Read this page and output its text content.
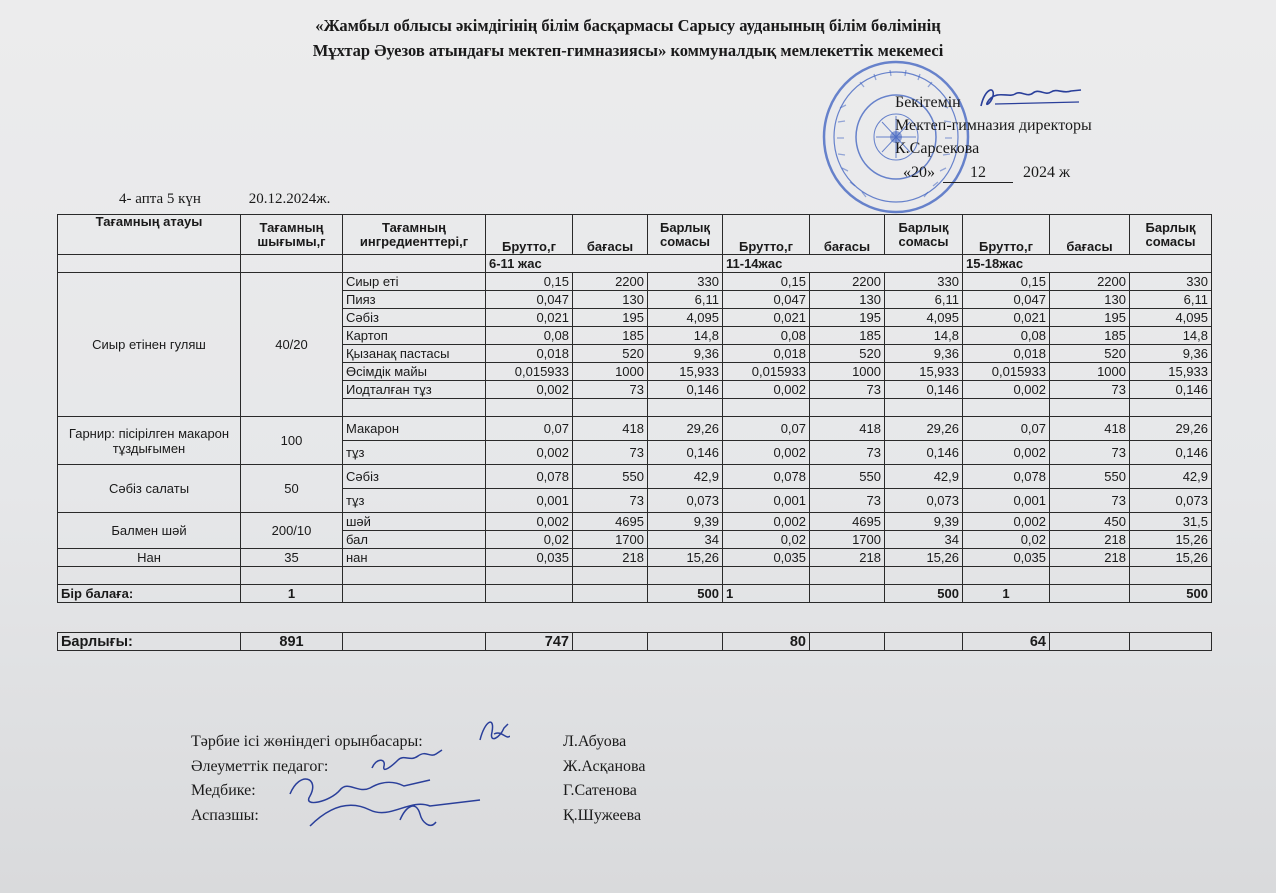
«Жамбыл облысы әкімдігінің білім басқармасы Сарысу ауданының білім бөлімінің
Мұхтар Әуезов атындағы мектеп-гимназиясы» коммуналдық мемлекеттік мекемесі
Бекітемін
Мектеп-гимназия директоры
К.Сарсекова
«20» 12 2024 ж
4- апта 5 күн	20.12.2024ж.
Тағамның атауы	Тағамның шығымы,г	Тағамның ингредиенттері,г	Брутто,г	бағасы	Барлық сомасы	Брутто,г	бағасы	Барлық сомасы	Брутто,г	бағасы	Барлық сомасы
			6-11 жас			11-14жас			15-18жас		
Сиыр етінен гуляш	40/20	Сиыр еті	0,15	2200	330	0,15	2200	330	0,15	2200	330
		Пияз	0,047	130	6,11	0,047	130	6,11	0,047	130	6,11
		Сәбіз	0,021	195	4,095	0,021	195	4,095	0,021	195	4,095
		Картоп	0,08	185	14,8	0,08	185	14,8	0,08	185	14,8
		Қызанақ пастасы	0,018	520	9,36	0,018	520	9,36	0,018	520	9,36
		Өсімдік майы	0,015933	1000	15,933	0,015933	1000	15,933	0,015933	1000	15,933
		Иодталған тұз	0,002	73	0,146	0,002	73	0,146	0,002	73	0,146

Гарнир: пісірілген макарон тұздығымен	100	Макарон	0,07	418	29,26	0,07	418	29,26	0,07	418	29,26
		тұз	0,002	73	0,146	0,002	73	0,146	0,002	73	0,146
Сәбіз салаты	50	Сәбіз	0,078	550	42,9	0,078	550	42,9	0,078	550	42,9
		тұз	0,001	73	0,073	0,001	73	0,073	0,001	73	0,073
Балмен шәй	200/10	шәй	0,002	4695	9,39	0,002	4695	9,39	0,002	450	31,5
		бал	0,02	1700	34	0,02	1700	34	0,02	218	15,26
Нан	35	нан	0,035	218	15,26	0,035	218	15,26	0,035	218	15,26

Бір балаға:	1				500	1		500	1		500
Барлығы:	891		747			80			64		
Тәрбие ісі жөніндегі орынбасары:	Л.Абуова
Әлеуметтік педагог:	Ж.Асқанова
Медбике:	Г.Сатенова
Аспазшы:	Қ.Шужеева
